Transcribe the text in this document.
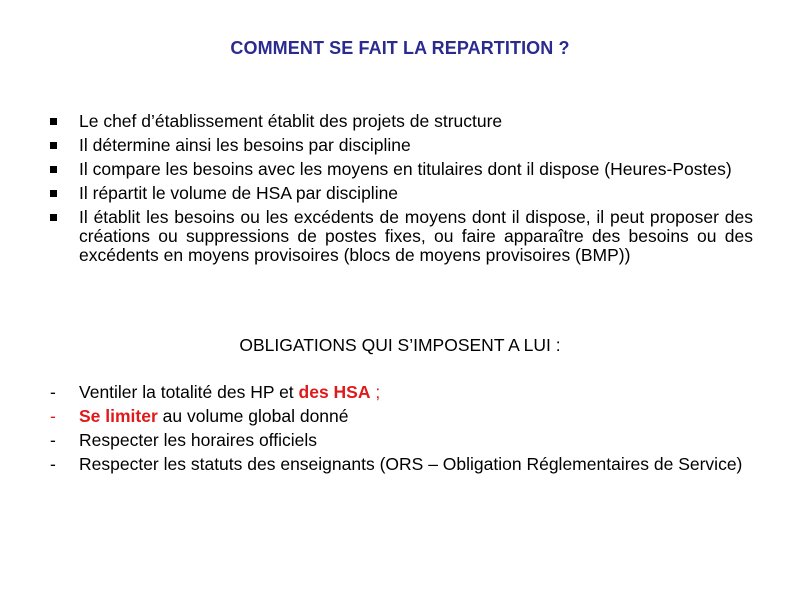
COMMENT SE FAIT LA REPARTITION ?
Le chef d’établissement établit des projets de structure
Il détermine ainsi les besoins par discipline
Il compare les besoins avec les moyens en titulaires dont il dispose (Heures-Postes)
Il répartit le volume de HSA par discipline
Il établit les besoins ou les excédents de moyens dont il dispose, il peut proposer des créations ou suppressions de postes fixes, ou faire apparaître des besoins ou des excédents en moyens provisoires (blocs de moyens provisoires (BMP))
OBLIGATIONS QUI S’IMPOSENT A LUI :
- Ventiler la totalité des HP et des HSA ;
- Se limiter au volume global donné
- Respecter les horaires officiels
- Respecter les statuts des enseignants (ORS – Obligation Réglementaires de Service)
